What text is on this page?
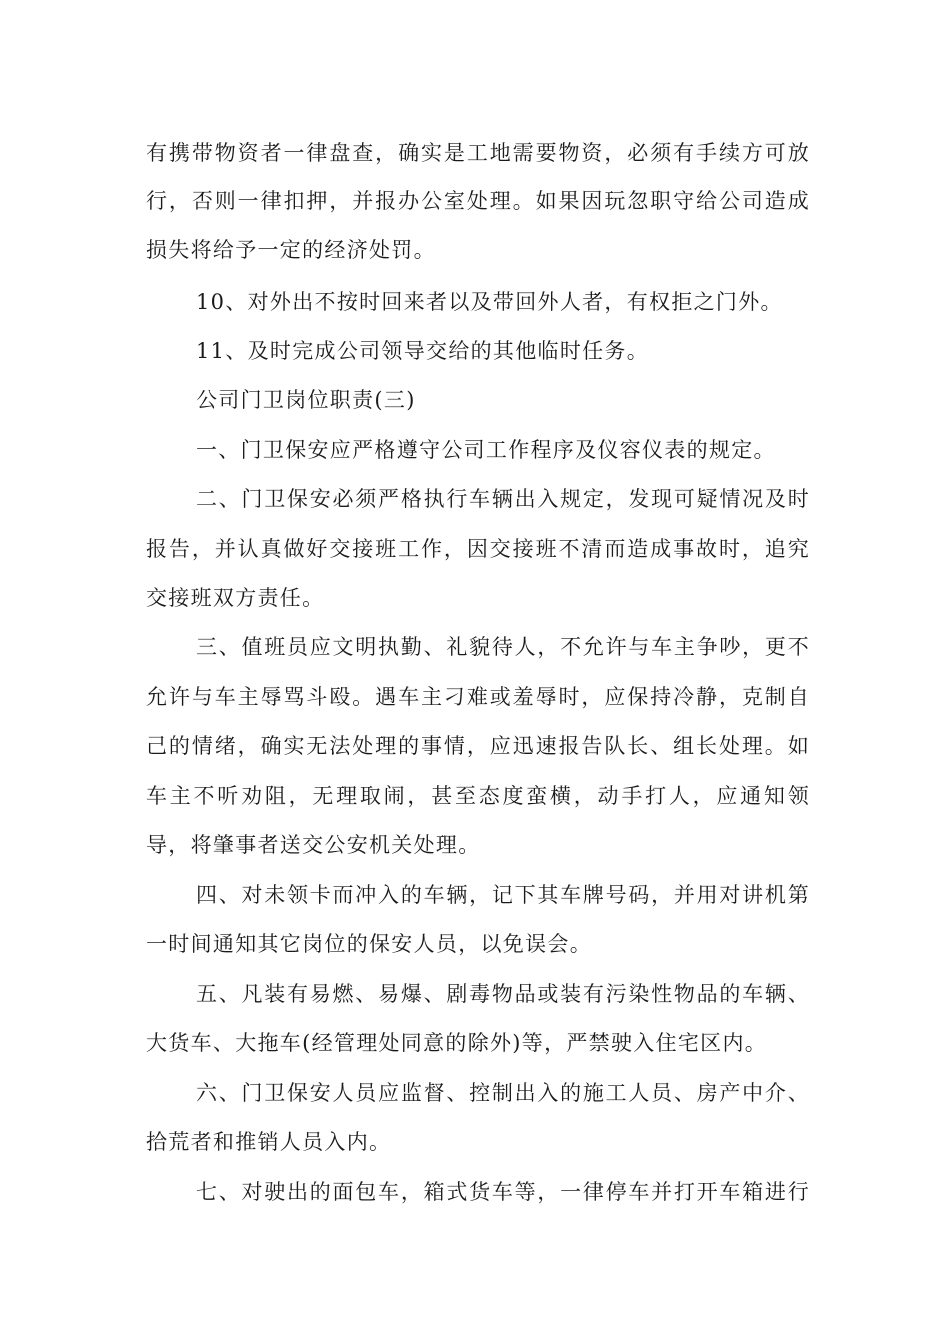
有携带物资者一律盘查，确实是工地需要物资，必须有手续方可放
行，否则一律扣押，并报办公室处理。如果因玩忽职守给公司造成
损失将给予一定的经济处罚。
10、对外出不按时回来者以及带回外人者，有权拒之门外。
11、及时完成公司领导交给的其他临时任务。
公司门卫岗位职责(三)
一、门卫保安应严格遵守公司工作程序及仪容仪表的规定。
二、门卫保安必须严格执行车辆出入规定，发现可疑情况及时
报告，并认真做好交接班工作，因交接班不清而造成事故时，追究
交接班双方责任。
三、值班员应文明执勤、礼貌待人，不允许与车主争吵，更不
允许与车主辱骂斗殴。遇车主刁难或羞辱时，应保持冷静，克制自
己的情绪，确实无法处理的事情，应迅速报告队长、组长处理。如
车主不听劝阻，无理取闹，甚至态度蛮横，动手打人，应通知领
导，将肇事者送交公安机关处理。
四、对未领卡而冲入的车辆，记下其车牌号码，并用对讲机第
一时间通知其它岗位的保安人员，以免误会。
五、凡装有易燃、易爆、剧毒物品或装有污染性物品的车辆、
大货车、大拖车(经管理处同意的除外)等，严禁驶入住宅区内。
六、门卫保安人员应监督、控制出入的施工人员、房产中介、
拾荒者和推销人员入内。
七、对驶出的面包车，箱式货车等，一律停车并打开车箱进行
